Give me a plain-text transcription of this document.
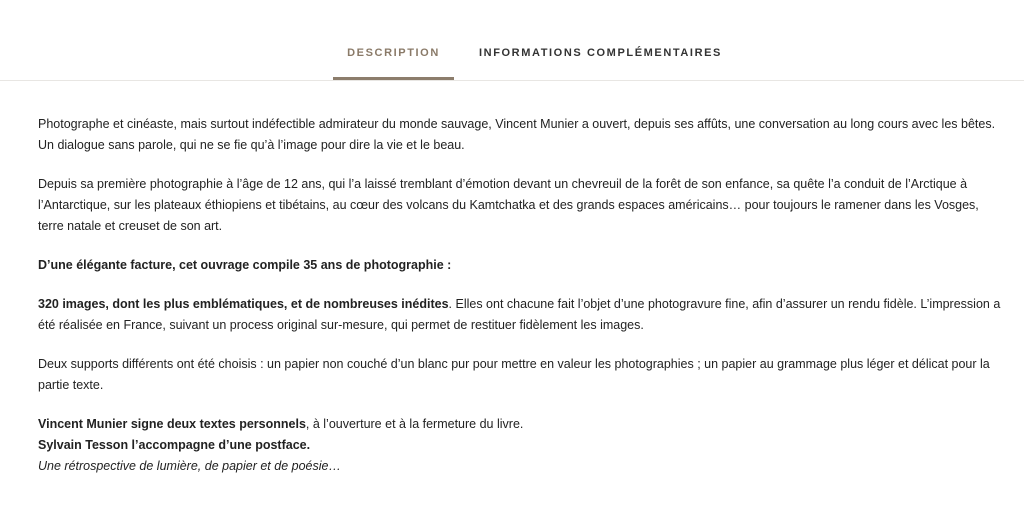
DESCRIPTION	INFORMATIONS COMPLÉMENTAIRES

Photographe et cinéaste, mais surtout indéfectible admirateur du monde sauvage, Vincent Munier a ouvert, depuis ses affûts, une conversation au long cours avec les bêtes. Un dialogue sans parole, qui ne se fie qu’à l’image pour dire la vie et le beau.

Depuis sa première photographie à l’âge de 12 ans, qui l’a laissé tremblant d’émotion devant un chevreuil de la forêt de son enfance, sa quête l’a conduit de l’Arctique à l’Antarctique, sur les plateaux éthiopiens et tibétains, au cœur des volcans du Kamtchatka et des grands espaces américains… pour toujours le ramener dans les Vosges, terre natale et creuset de son art.

D’une élégante facture, cet ouvrage compile 35 ans de photographie :

320 images, dont les plus emblématiques, et de nombreuses inédites. Elles ont chacune fait l’objet d’une photogravure fine, afin d’assurer un rendu fidèle. L’impression a été réalisée en France, suivant un process original sur-mesure, qui permet de restituer fidèlement les images.

Deux supports différents ont été choisis : un papier non couché d’un blanc pur pour mettre en valeur les photographies ; un papier au grammage plus léger et délicat pour la partie texte.

Vincent Munier signe deux textes personnels, à l’ouverture et à la fermeture du livre.

Sylvain Tesson l’accompagne d’une postface.

Une rétrospective de lumière, de papier et de poésie…
